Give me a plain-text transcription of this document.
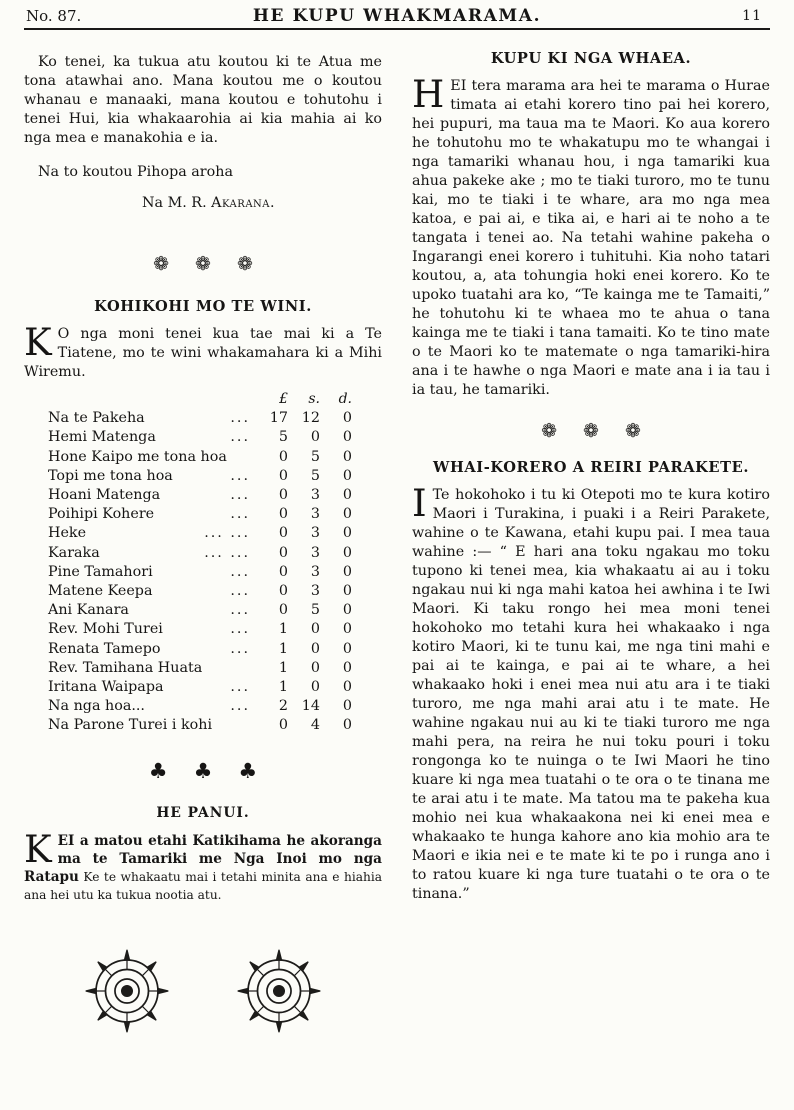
No. 87.	HE KUPU WHAKMARAMA.	11

Ko tenei, ka tukua atu koutou ki te Atua me tona atawhai ano. Mana koutou me o koutou whanau e manaaki, mana koutou e tohutohu i tenei Hui, kia whakaarohia ai kia mahia ai ko nga mea e manakohia e ia.

Na to koutou Pihopa aroha

Na M. R. Akarana.

❁ ❁ ❁
KOHIKOHI MO TE WINI.

K O nga moni tenei kua tae mai ki a Te Tiatene, mo te wini whakamahara ki a Mihi Wiremu.

	£	s.	d.
Na te Pakeha ...	17	12	0
Hemi Matenga ...	5	0	0
Hone Kaipo me tona hoa	0	5	0
Topi me tona hoa ...	0	5	0
Hoani Matenga ...	0	3	0
Poihipi Kohere ...	0	3	0
Heke ... ...	0	3	0
Karaka ... ...	0	3	0
Pine Tamahori ...	0	3	0
Matene Keepa ...	0	3	0
Ani Kanara ...	0	5	0
Rev. Mohi Turei ...	1	0	0
Renata Tamepo ...	1	0	0
Rev. Tamihana Huata	1	0	0
Iritana Waipapa ...	1	0	0
Na nga hoa... ...	2	14	0
Na Parone Turei i kohi	0	4	0
♣ ♣ ♣
HE PANUI.

KEI a matou etahi Katikihama he akoranga ma te Tamariki me Nga Inoi mo nga Ratapu Ke te whakaatu mai i tetahi minita ana e hiahia ana hei utu ka tukua nootia atu.

KUPU KI NGA WHAEA.

HEI tera marama ara hei te marama o Hurae timata ai etahi korero tino pai hei korero, hei pupuri, ma taua ma te Maori. Ko aua korero he tohutohu mo te whakatupu mo te whangai i nga tamariki whanau hou, i nga tamariki kua ahua pakeke ake ; mo te tiaki turoro, mo te tunu kai, mo te tiaki i te whare, ara mo nga mea katoa, e pai ai, e tika ai, e hari ai te noho a te tangata i tenei ao. Na tetahi wahine pakeha o Ingarangi enei korero i tuhituhi. Kia noho tatari koutou, a, ata tohungia hoki enei korero. Ko te upoko tuatahi ara ko, “Te kainga me te Tamaiti,” he tohutohu ki te whaea mo te ahua o tana kainga me te tiaki i tana tamaiti. Ko te tino mate o te Maori ko te matemate o nga tamariki-hira ana i te hawhe o nga Maori e mate ana i ia tau i ia tau, he tamariki.

❁ ❁ ❁
WHAI-KORERO A REIRI PARAKETE.

I Te hokohoko i tu ki Otepoti mo te kura kotiro Maori i Turakina, i puaki i a Reiri Parakete, wahine o te Kawana, etahi kupu pai. I mea taua wahine :— “ E hari ana toku ngakau mo toku tupono ki tenei mea, kia whakaatu ai au i toku ngakau nui ki nga mahi katoa hei awhina i te Iwi Maori. Ki taku rongo hei mea moni tenei hokohoko mo tetahi kura hei whakaako i nga kotiro Maori, ki te tunu kai, me nga tini mahi e pai ai te kainga, e pai ai te whare, a hei whakaako hoki i enei mea nui atu ara i te tiaki turoro, me nga mahi arai atu i te mate. He wahine ngakau nui au ki te tiaki turoro me nga mahi pera, na reira he nui toku pouri i toku rongonga ko te nuinga o te Iwi Maori he tino kuare ki nga mea tuatahi o te ora o te tinana me te arai atu i te mate. Ma tatou ma te pakeha kua mohio nei kua whakaakona nei ki enei mea e whakaako te hunga kahore ano kia mohio ara te Maori e ikia nei e te mate ki te po i runga ano i to ratou kuare ki nga ture tuatahi o te ora o te tinana.”
